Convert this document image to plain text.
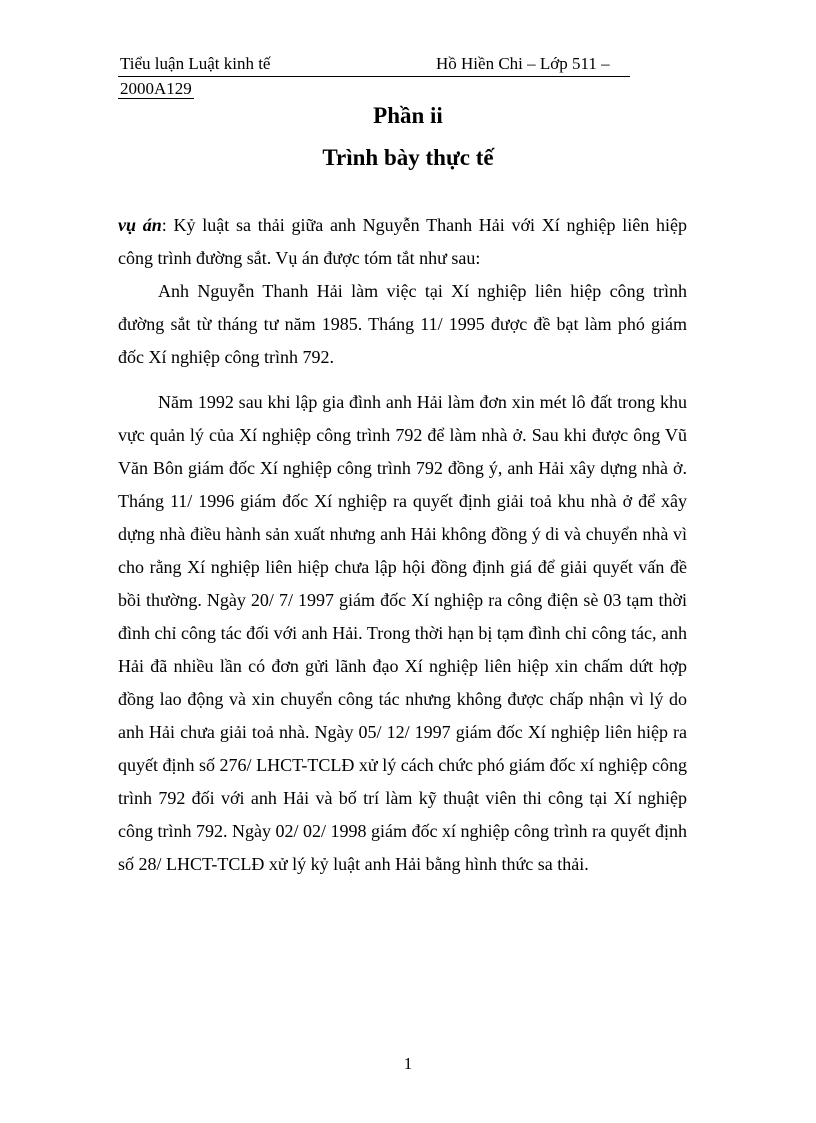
Tiểu luận Luật kinh tế	Hồ Hiền Chi – Lớp 511 –
2000A129
Phần ii
Trình bày thực tế

vụ án: Kỷ luật sa thải giữa anh Nguyễn Thanh Hải với Xí nghiệp liên hiệp công trình đường sắt. Vụ án được tóm tắt như sau:

Anh Nguyễn Thanh Hải làm việc tại Xí nghiệp liên hiệp công trình đường sắt từ tháng tư năm 1985. Tháng 11/ 1995 được đề bạt làm phó giám đốc Xí nghiệp công trình 792.

Năm 1992 sau khi lập gia đình anh Hải làm đơn xin mét lô đất trong khu vực quản lý của Xí nghiệp công trình 792 để làm nhà ở. Sau khi được ông Vũ Văn Bôn giám đốc Xí nghiệp công trình 792 đồng ý, anh Hải xây dựng nhà ở. Tháng 11/ 1996 giám đốc Xí nghiệp ra quyết định giải toả khu nhà ở để xây dựng nhà điều hành sản xuất nhưng anh Hải không đồng ý di và chuyển nhà vì cho rằng Xí nghiệp liên hiệp chưa lập hội đồng định giá để giải quyết vấn đề bồi thường. Ngày 20/ 7/ 1997 giám đốc Xí nghiệp ra công điện sè 03 tạm thời đình chỉ công tác đối với anh Hải. Trong thời hạn bị tạm đình chỉ công tác, anh Hải đã nhiều lần có đơn gửi lãnh đạo Xí nghiệp liên hiệp xin chấm dứt hợp đồng lao động và xin chuyển công tác nhưng không được chấp nhận vì lý do anh Hải chưa giải toả nhà. Ngày 05/ 12/ 1997 giám đốc Xí nghiệp liên hiệp ra quyết định số 276/ LHCT-TCLĐ xử lý cách chức phó giám đốc xí nghiệp công trình 792 đối với anh Hải và bố trí làm kỹ thuật viên thi công tại Xí nghiệp công trình 792. Ngày 02/ 02/ 1998 giám đốc xí nghiệp công trình ra quyết định số 28/ LHCT-TCLĐ xử lý kỷ luật anh Hải bằng hình thức sa thải.

1
